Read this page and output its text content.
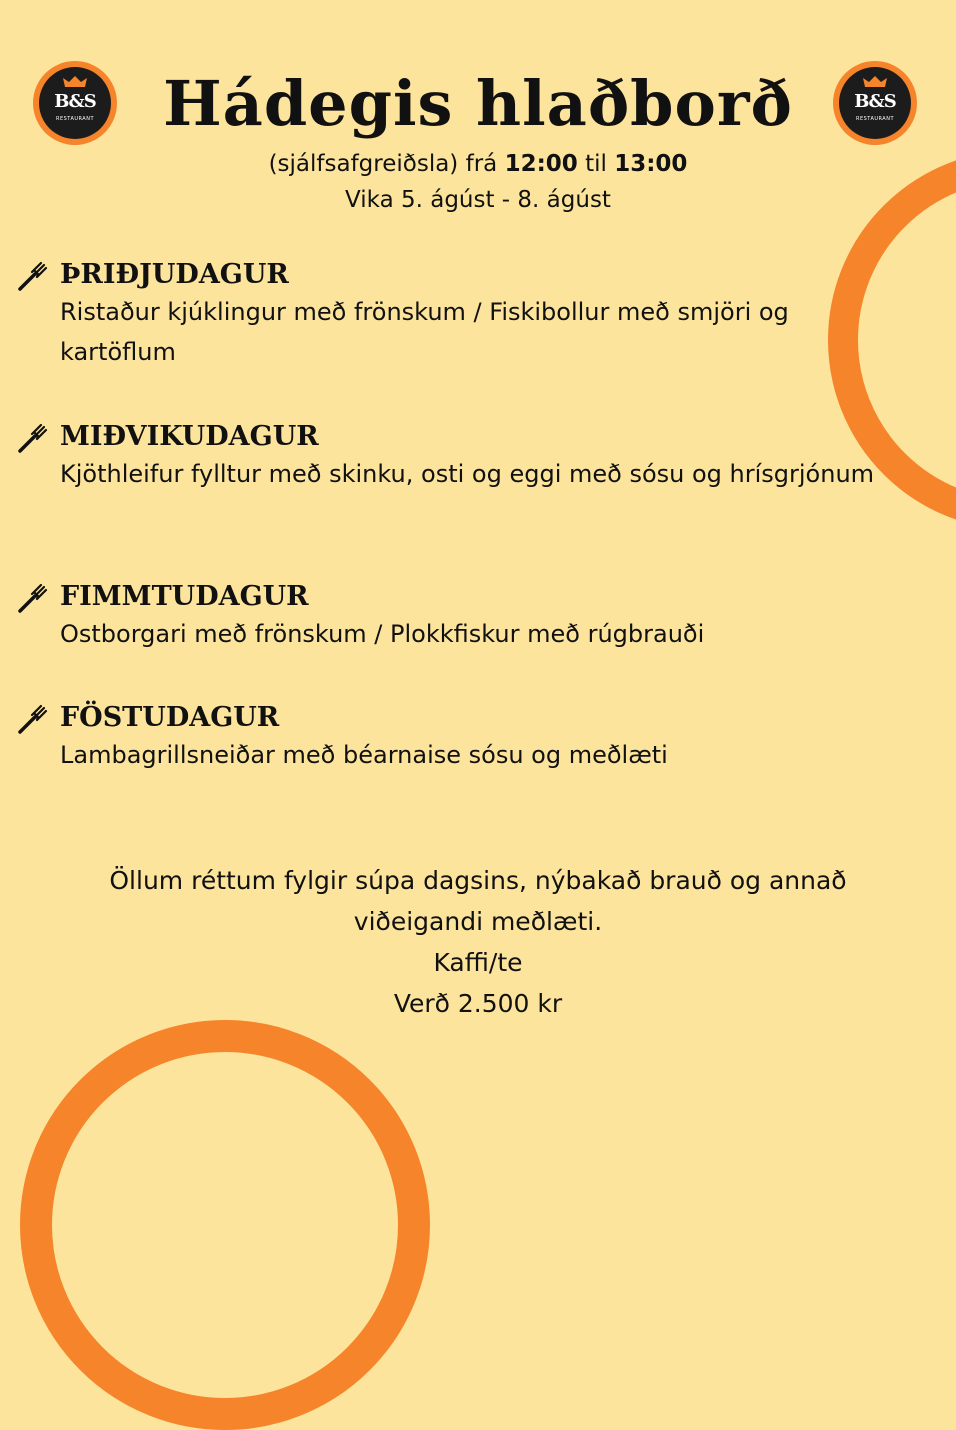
B&S
RESTAURANT
B&S
RESTAURANT
Hádegis hlaðborð
(sjálfsafgreiðsla) frá 12:00 til 13:00
Vika 5. ágúst - 8. ágúst
ÞRIÐJUDAGUR
Ristaður kjúklingur með frönskum / Fiskibollur með smjöri og kartöflum
MIÐVIKUDAGUR
Kjöthleifur fylltur með skinku, osti og eggi með sósu og hrísgrjónum
FIMMTUDAGUR
Ostborgari með frönskum / Plokkfiskur með rúgbrauði
FÖSTUDAGUR
Lambagrillsneiðar með béarnaise sósu og meðlæti
Öllum réttum fylgir súpa dagsins, nýbakað brauð og annað viðeigandi meðlæti.
Kaffi/te
Verð 2.500 kr
